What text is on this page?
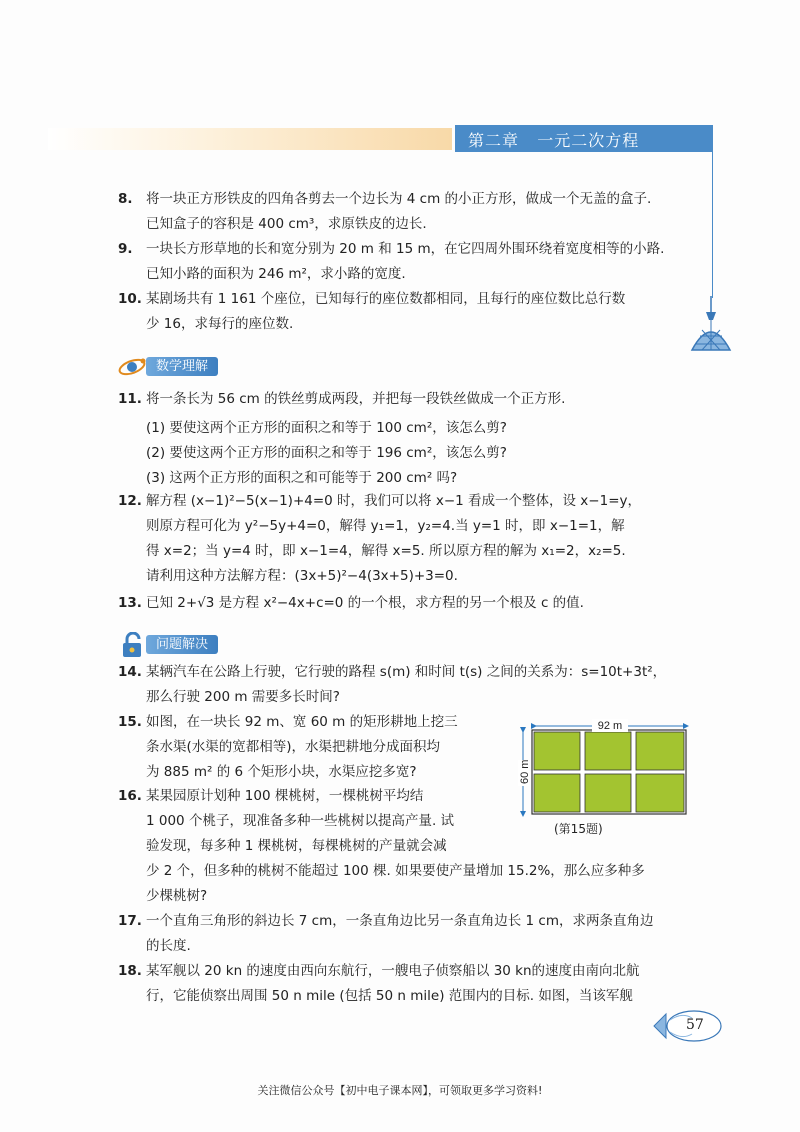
第二章 一元二次方程
8. 将一块正方形铁皮的四角各剪去一个边长为 4 cm 的小正方形，做成一个无盖的盒子.
已知盒子的容积是 400 cm³，求原铁皮的边长.
9. 一块长方形草地的长和宽分别为 20 m 和 15 m，在它四周外围环绕着宽度相等的小路.
已知小路的面积为 246 m²，求小路的宽度.
10. 某剧场共有 1 161 个座位，已知每行的座位数都相同，且每行的座位数比总行数
少 16，求每行的座位数.
数学理解
11. 将一条长为 56 cm 的铁丝剪成两段，并把每一段铁丝做成一个正方形.
(1) 要使这两个正方形的面积之和等于 100 cm²，该怎么剪?
(2) 要使这两个正方形的面积之和等于 196 cm²，该怎么剪?
(3) 这两个正方形的面积之和可能等于 200 cm² 吗?
12. 解方程 (x−1)²−5(x−1)+4=0 时，我们可以将 x−1 看成一个整体，设 x−1=y，
则原方程可化为 y²−5y+4=0，解得 y₁=1，y₂=4.当 y=1 时，即 x−1=1，解
得 x=2；当 y=4 时，即 x−1=4，解得 x=5. 所以原方程的解为 x₁=2，x₂=5.
请利用这种方法解方程：(3x+5)²−4(3x+5)+3=0.
13. 已知 2+√3 是方程 x²−4x+c=0 的一个根，求方程的另一个根及 c 的值.
问题解决
14. 某辆汽车在公路上行驶，它行驶的路程 s(m) 和时间 t(s) 之间的关系为：s=10t+3t²，
那么行驶 200 m 需要多长时间?
15. 如图，在一块长 92 m、宽 60 m 的矩形耕地上挖三
条水渠(水渠的宽都相等)，水渠把耕地分成面积均
为 885 m² 的 6 个矩形小块，水渠应挖多宽?
92 m
60 m
(第15题)
16. 某果园原计划种 100 棵桃树，一棵桃树平均结
1 000 个桃子，现准备多种一些桃树以提高产量. 试
验发现，每多种 1 棵桃树，每棵桃树的产量就会减
少 2 个，但多种的桃树不能超过 100 棵. 如果要使产量增加 15.2%，那么应多种多
少棵桃树?
17. 一个直角三角形的斜边长 7 cm，一条直角边比另一条直角边长 1 cm，求两条直角边
的长度.
18. 某军舰以 20 kn 的速度由西向东航行，一艘电子侦察船以 30 kn的速度由南向北航
行，它能侦察出周围 50 n mile (包括 50 n mile) 范围内的目标. 如图，当该军舰
57
关注微信公众号【初中电子课本网】，可领取更多学习资料!
